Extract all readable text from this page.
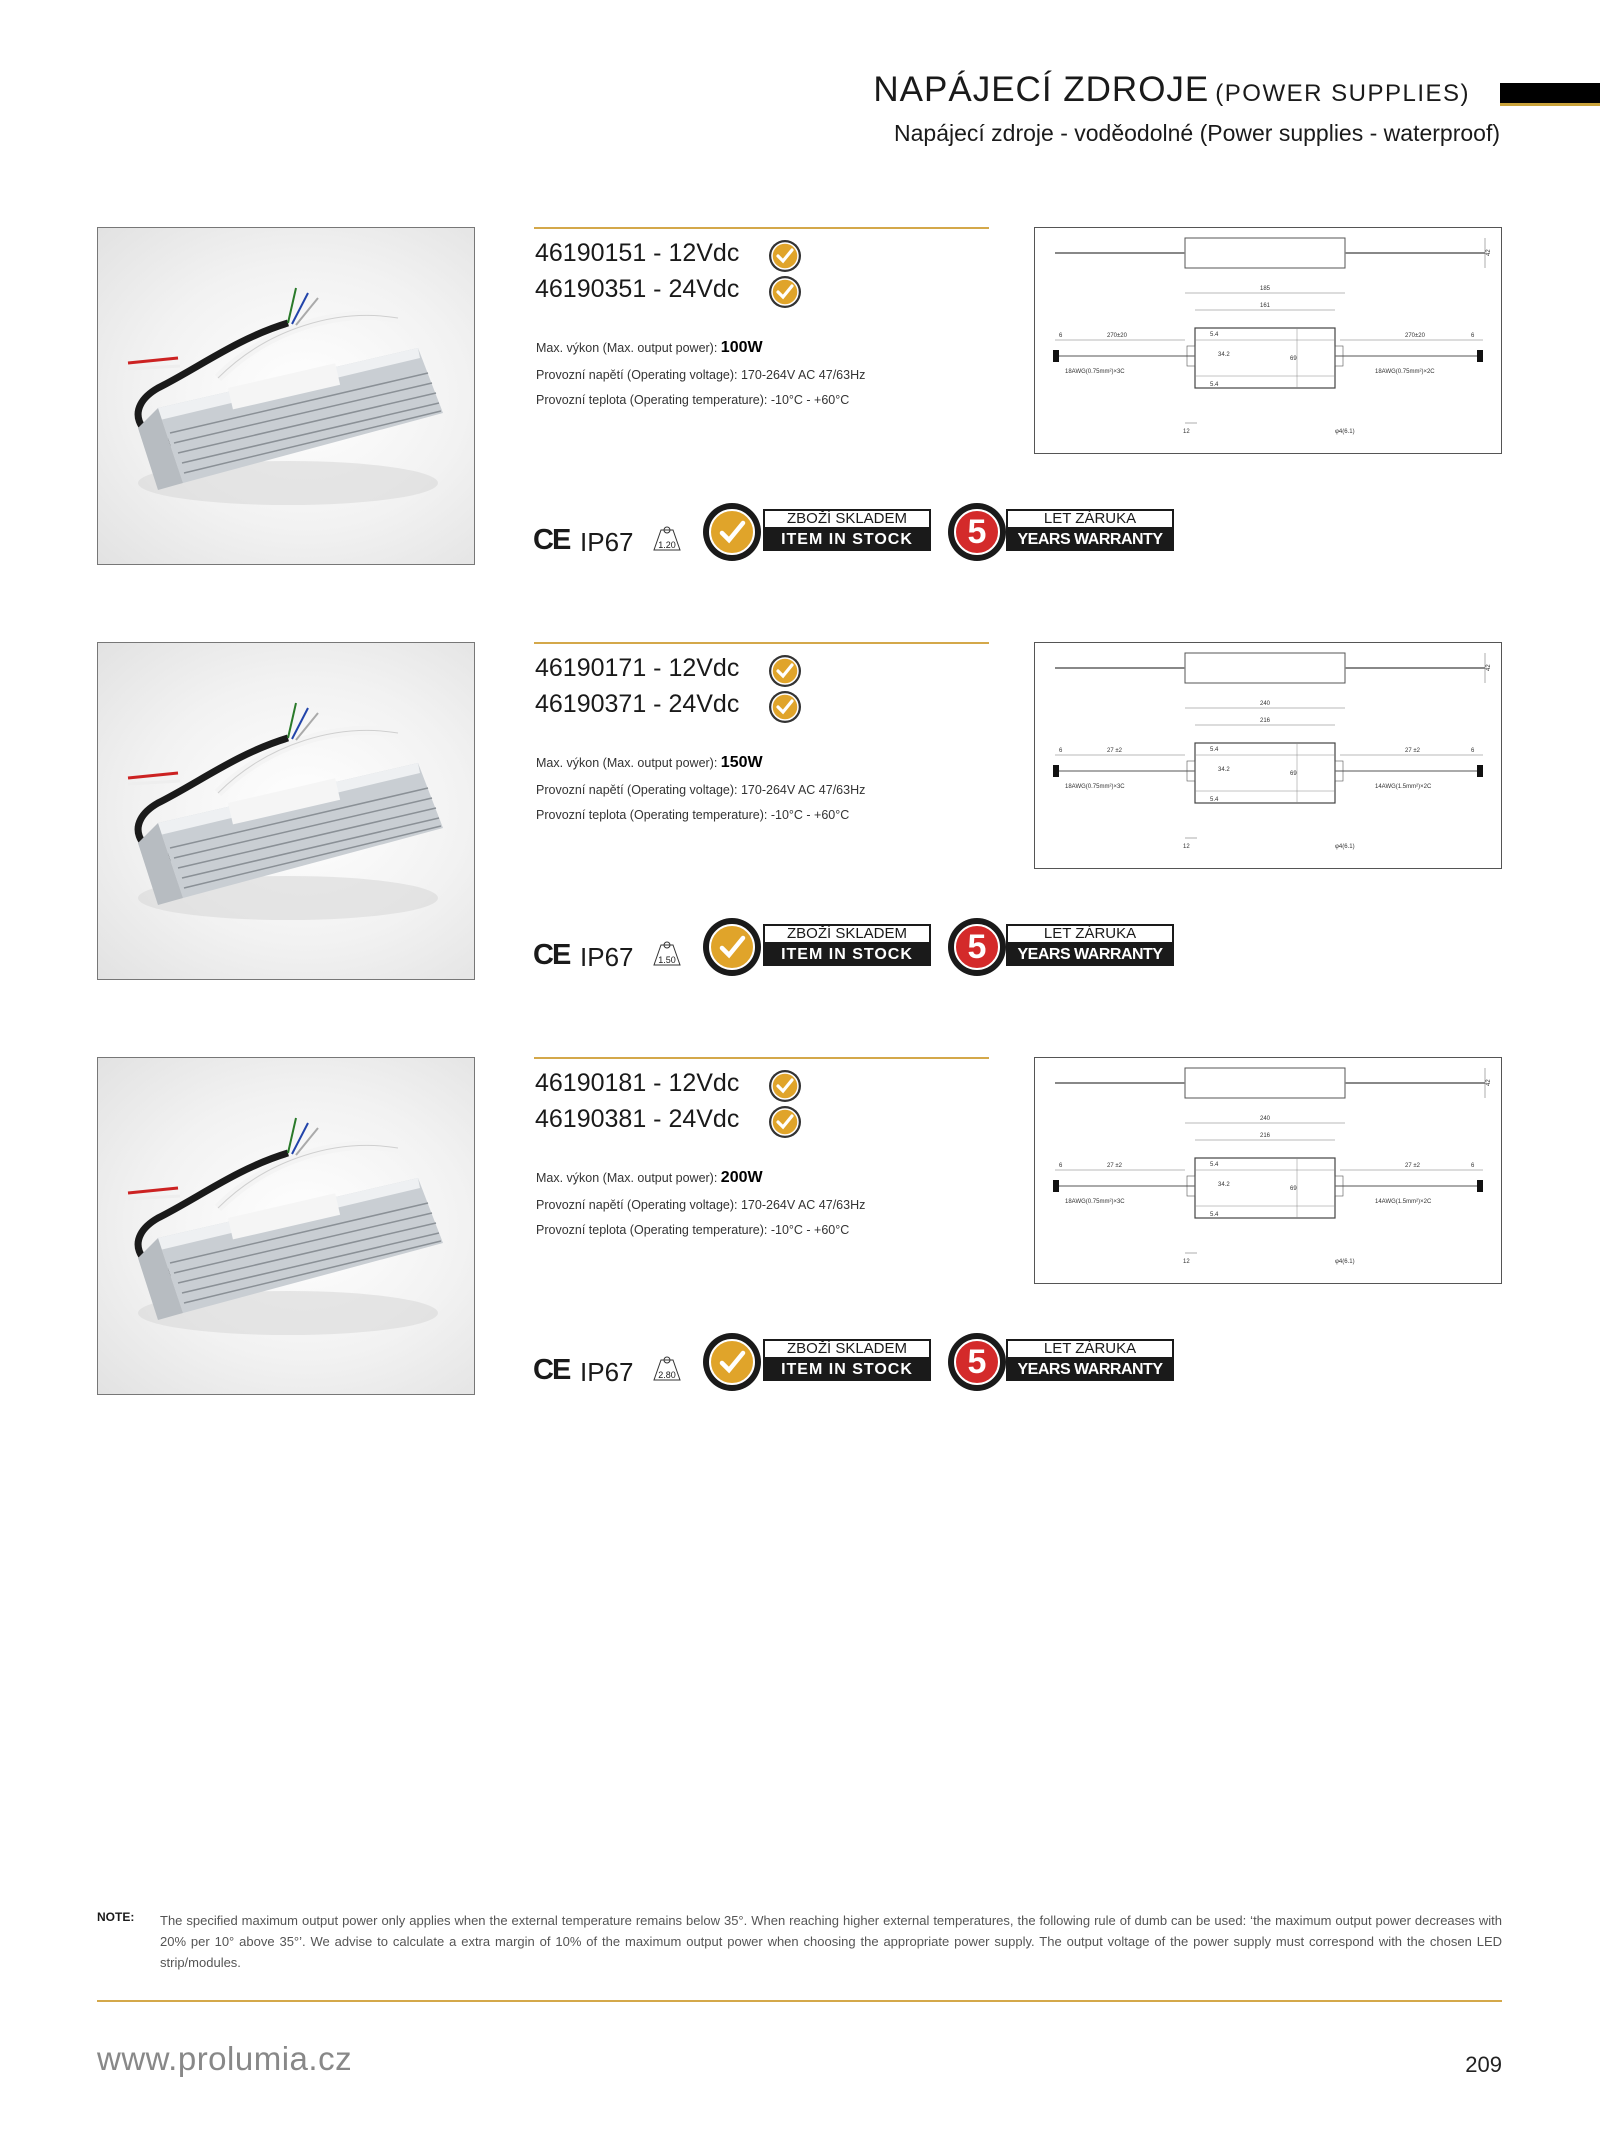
NAPÁJECÍ ZDROJE (POWER SUPPLIES)
Napájecí zdroje - voděodolné (Power supplies - waterproof)
46190151 - 12Vdc
46190351 - 24Vdc
Max. výkon (Max. output power): 100W
Provozní napětí (Operating voltage): 170-264V AC 47/63Hz
Provozní teplota (Operating temperature): -10°C - +60°C
42
185
161
69
34.2
5.4
5.4
270±20	270±20
6	6
18AWG(0.75mm²)×3C	18AWG(0.75mm²)×2C
12	φ4(6.1)
CE IP67	1.20
ZBOŽÍ SKLADEM
ITEM IN STOCK	5	LET ZÁRUKA
YEARS WARRANTY
46190171 - 12Vdc
46190371 - 24Vdc
Max. výkon (Max. output power): 150W
Provozní napětí (Operating voltage): 170-264V AC 47/63Hz
Provozní teplota (Operating temperature): -10°C - +60°C
42
240
216
69
34.2
5.4
5.4
27 ±2	27 ±2
6	6
18AWG(0.75mm²)×3C	14AWG(1.5mm²)×2C
12	φ4(6.1)
CE IP67	1.50
ZBOŽÍ SKLADEM
ITEM IN STOCK	5	LET ZÁRUKA
YEARS WARRANTY
46190181 - 12Vdc
46190381 - 24Vdc
Max. výkon (Max. output power): 200W
Provozní napětí (Operating voltage): 170-264V AC 47/63Hz
Provozní teplota (Operating temperature): -10°C - +60°C
42
240
216
69
34.2
5.4
5.4
27 ±2	27 ±2
6	6
18AWG(0.75mm²)×3C	14AWG(1.5mm²)×2C
12	φ4(6.1)
CE IP67	2.80
ZBOŽÍ SKLADEM
ITEM IN STOCK	5	LET ZÁRUKA
YEARS WARRANTY
NOTE: The specified maximum output power only applies when the external temperature remains below 35°. When reaching higher external temperatures, the following rule of dumb can be used: ‘the maximum output power decreases with 20% per 10° above 35°’. We advise to calculate a extra margin of 10% of the maximum output power when choosing the appropriate power supply. The output voltage of the power supply must correspond with the chosen LED strip/modules.
www.prolumia.cz	209
